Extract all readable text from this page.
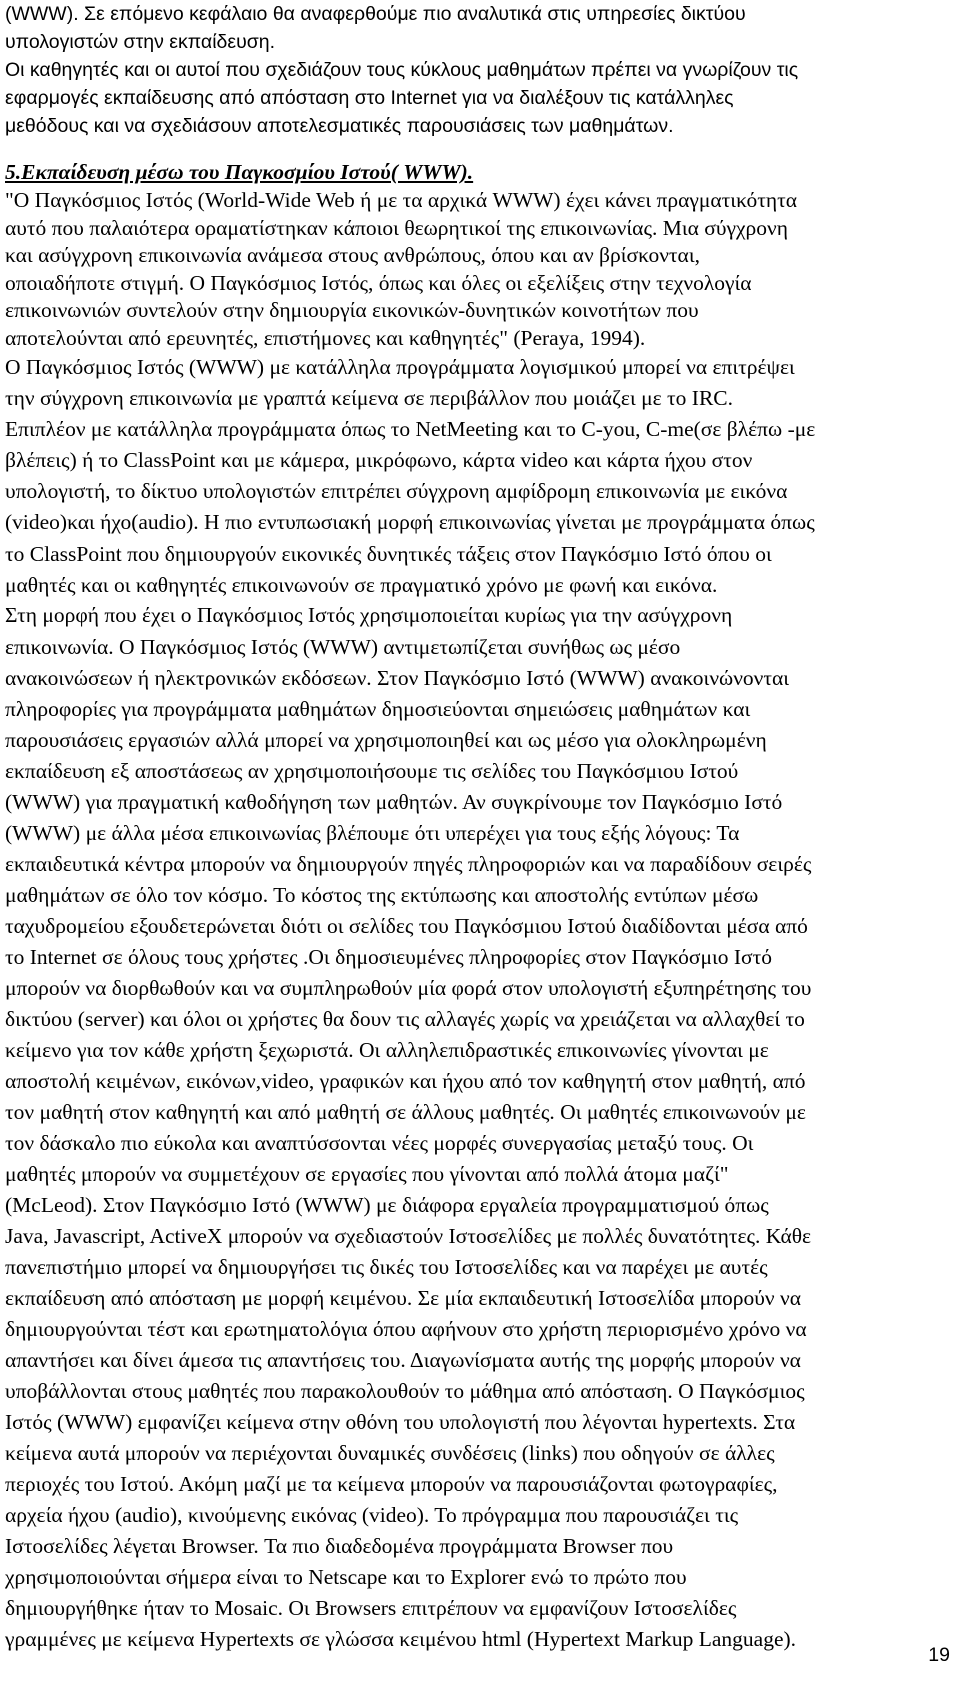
(WWW). Σε επόμενο κεφάλαιο θα αναφερθούμε πιο αναλυτικά στις υπηρεσίες δικτύου
υπολογιστών στην εκπαίδευση.
Οι καθηγητές και οι αυτοί που σχεδιάζουν τους κύκλους μαθημάτων πρέπει να γνωρίζουν τις
εφαρμογές εκπαίδευσης από απόσταση στο Internet για να διαλέξουν τις κατάλληλες
μεθόδους και να σχεδιάσουν αποτελεσματικές παρουσιάσεις των μαθημάτων.
5.Εκπαίδευση μέσω του Παγκοσμίου Ιστού( WWW).
"Ο Παγκόσμιος Ιστός (World-Wide Web ή με τα αρχικά WWW) έχει κάνει πραγματικότητα
αυτό που παλαιότερα οραματίστηκαν κάποιοι θεωρητικοί της επικοινωνίας. Μια σύγχρονη
και ασύγχρονη επικοινωνία ανάμεσα στους ανθρώπους, όπου και αν βρίσκονται,
οποιαδήποτε στιγμή. Ο Παγκόσμιος Ιστός, όπως και όλες οι εξελίξεις στην τεχνολογία
επικοινωνιών συντελούν στην δημιουργία εικονικών-δυνητικών κοινοτήτων που
αποτελούνται από ερευνητές, επιστήμονες και καθηγητές" (Peraya, 1994).
Ο Παγκόσμιος Ιστός (WWW) με κατάλληλα προγράμματα λογισμικού μπορεί να επιτρέψει
την σύγχρονη επικοινωνία με γραπτά κείμενα σε περιβάλλον που μοιάζει με το IRC.
Επιπλέον με κατάλληλα προγράμματα όπως το NetMeeting και το C-you, C-me(σε βλέπω -με
βλέπεις) ή το ClassPoint και με κάμερα, μικρόφωνο, κάρτα video και κάρτα ήχου στον
υπολογιστή, το δίκτυο υπολογιστών επιτρέπει σύγχρονη αμφίδρομη επικοινωνία με εικόνα
(video)και ήχο(audio). Η πιο εντυπωσιακή μορφή επικοινωνίας γίνεται με προγράμματα όπως
το ClassPoint που δημιουργούν εικονικές δυνητικές τάξεις στον Παγκόσμιο Ιστό όπου οι
μαθητές και οι καθηγητές επικοινωνούν σε πραγματικό χρόνο με φωνή και εικόνα.
Στη μορφή που έχει ο Παγκόσμιος Ιστός χρησιμοποιείται κυρίως για την ασύγχρονη
επικοινωνία. Ο Παγκόσμιος Ιστός (WWW) αντιμετωπίζεται συνήθως ως μέσο
ανακοινώσεων ή ηλεκτρονικών εκδόσεων. Στον Παγκόσμιο Ιστό (WWW) ανακοινώνονται
πληροφορίες για προγράμματα μαθημάτων δημοσιεύονται σημειώσεις μαθημάτων και
παρουσιάσεις εργασιών αλλά μπορεί να χρησιμοποιηθεί και ως μέσο για ολοκληρωμένη
εκπαίδευση εξ αποστάσεως αν χρησιμοποιήσουμε τις σελίδες του Παγκόσμιου Ιστού
(WWW) για πραγματική καθοδήγηση των μαθητών. Αν συγκρίνουμε τον Παγκόσμιο Ιστό
(WWW) με άλλα μέσα επικοινωνίας βλέπουμε ότι υπερέχει για τους εξής λόγους: Τα
εκπαιδευτικά κέντρα μπορούν να δημιουργούν πηγές πληροφοριών και να παραδίδουν σειρές
μαθημάτων σε όλο τον κόσμο. Το κόστος της εκτύπωσης και αποστολής εντύπων μέσω
ταχυδρομείου εξουδετερώνεται διότι οι σελίδες του Παγκόσμιου Ιστού διαδίδονται μέσα από
το Internet σε όλους τους χρήστες .Οι δημοσιευμένες πληροφορίες στον Παγκόσμιο Ιστό
μπορούν να διορθωθούν και να συμπληρωθούν μία φορά στον υπολογιστή εξυπηρέτησης του
δικτύου (server) και όλοι οι χρήστες θα δουν τις αλλαγές χωρίς να χρειάζεται να αλλαχθεί το
κείμενο για τον κάθε χρήστη ξεχωριστά. Οι αλληλεπιδραστικές επικοινωνίες γίνονται με
αποστολή κειμένων, εικόνων,video, γραφικών και ήχου από τον καθηγητή στον μαθητή, από
τον μαθητή στον καθηγητή και από μαθητή σε άλλους μαθητές. Οι μαθητές επικοινωνούν με
τον δάσκαλο πιο εύκολα και αναπτύσσονται νέες μορφές συνεργασίας μεταξύ τους. Οι
μαθητές μπορούν να συμμετέχουν σε εργασίες που γίνονται από πολλά άτομα μαζί"
(McLeod). Στον Παγκόσμιο Ιστό (WWW) με διάφορα εργαλεία προγραμματισμού όπως
Java, Javascript, ActiveX μπορούν να σχεδιαστούν Ιστοσελίδες με πολλές δυνατότητες. Κάθε
πανεπιστήμιο μπορεί να δημιουργήσει τις δικές του Ιστοσελίδες και να παρέχει με αυτές
εκπαίδευση από απόσταση με μορφή κειμένου. Σε μία εκπαιδευτική Ιστοσελίδα μπορούν να
δημιουργούνται τέστ και ερωτηματολόγια όπου αφήνουν στο χρήστη περιορισμένο χρόνο να
απαντήσει και δίνει άμεσα τις απαντήσεις του. Διαγωνίσματα αυτής της μορφής μπορούν να
υποβάλλονται στους μαθητές που παρακολουθούν το μάθημα από απόσταση. Ο Παγκόσμιος
Ιστός (WWW) εμφανίζει κείμενα στην οθόνη του υπολογιστή που λέγονται hypertexts. Στα
κείμενα αυτά μπορούν να περιέχονται δυναμικές συνδέσεις (links) που οδηγούν σε άλλες
περιοχές του Ιστού. Ακόμη μαζί με τα κείμενα μπορούν να παρουσιάζονται φωτογραφίες,
αρχεία ήχου (audio), κινούμενης εικόνας (video). Το πρόγραμμα που παρουσιάζει τις
Ιστοσελίδες λέγεται Browser. Τα πιο διαδεδομένα προγράμματα Browser που
χρησιμοποιούνται σήμερα είναι το Netscape και το Explorer ενώ το πρώτο που
δημιουργήθηκε ήταν το Mosaic. Οι Browsers επιτρέπουν να εμφανίζουν Ιστοσελίδες
γραμμένες με κείμενα Hypertexts σε γλώσσα κειμένου html (Hypertext Markup Language).
19
